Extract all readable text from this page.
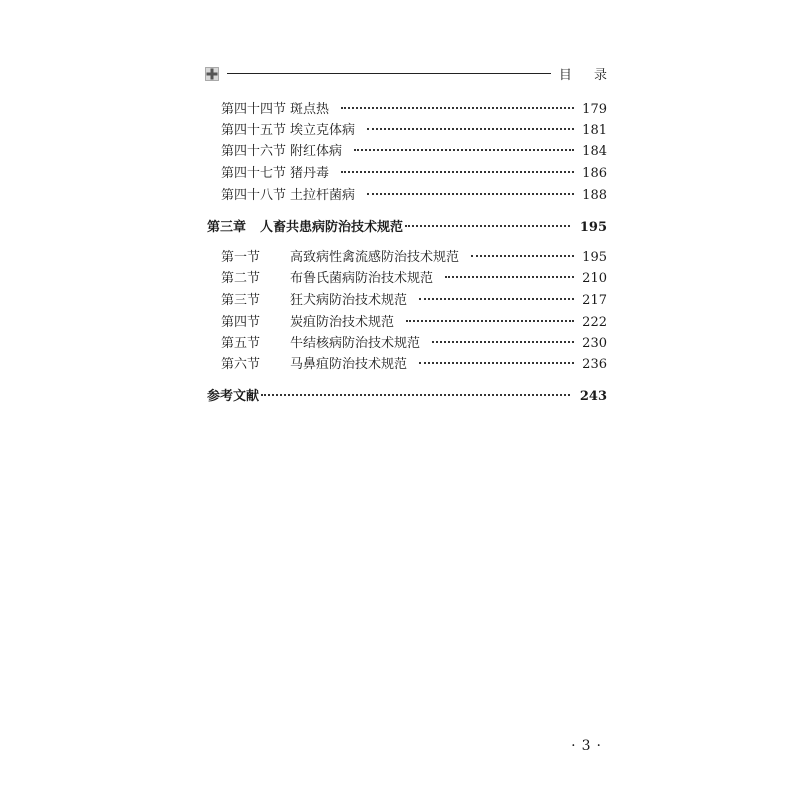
目 录
第四十四节 斑点热	179
第四十五节 埃立克体病	181
第四十六节 附红体病	184
第四十七节 猪丹毒	186
第四十八节 土拉杆菌病	188
第三章 人畜共患病防治技术规范	195
第一节	高致病性禽流感防治技术规范	195
第二节	布鲁氏菌病防治技术规范	210
第三节	狂犬病防治技术规范	217
第四节	炭疽防治技术规范	222
第五节	牛结核病防治技术规范	230
第六节	马鼻疽防治技术规范	236
参考文献	243
· 3 ·
